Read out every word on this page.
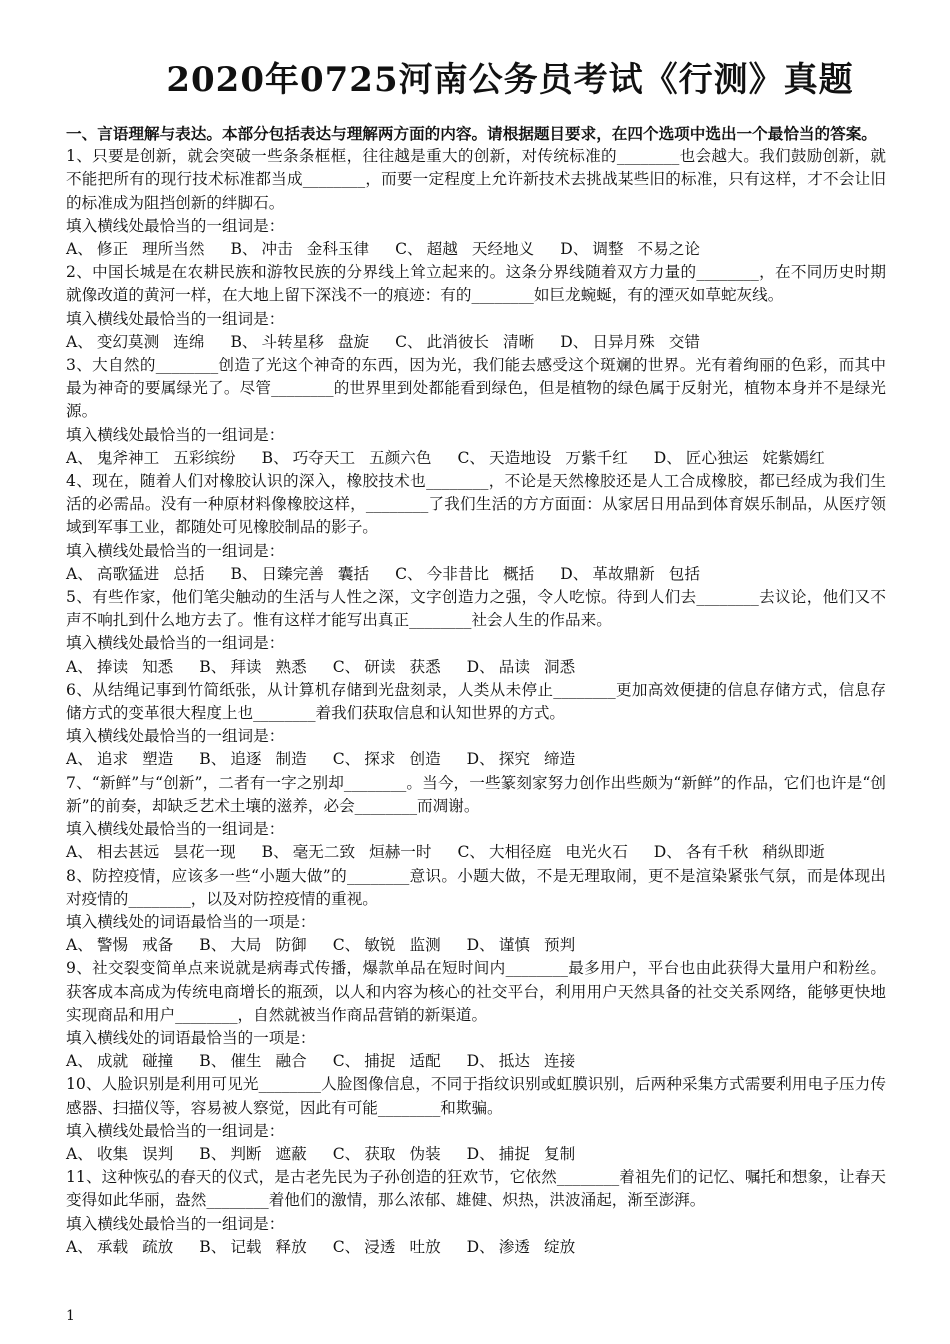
2020年0725河南公务员考试《行测》真题
一、言语理解与表达。本部分包括表达与理解两方面的内容。请根据题目要求，在四个选项中选出一个最恰当的答案。

1、只要是创新，就会突破一些条条框框，往往越是重大的创新，对传统标准的________也会越大。我们鼓励创新，就不能把所有的现行技术标准都当成________，而要一定程度上允许新技术去挑战某些旧的标准，只有这样，才不会让旧的标准成为阻挡创新的绊脚石。

填入横线处最恰当的一组词是：

A、 修正 理所当然 B、 冲击 金科玉律 C、 超越 天经地义 D、 调整 不易之论

2、中国长城是在农耕民族和游牧民族的分界线上耸立起来的。这条分界线随着双方力量的________，在不同历史时期就像改道的黄河一样，在大地上留下深浅不一的痕迹：有的________如巨龙蜿蜒，有的湮灭如草蛇灰线。

填入横线处最恰当的一组词是：

A、 变幻莫测 连绵 B、 斗转星移 盘旋 C、 此消彼长 清晰 D、 日异月殊 交错

3、大自然的________创造了光这个神奇的东西，因为光，我们能去感受这个斑斓的世界。光有着绚丽的色彩，而其中最为神奇的要属绿光了。尽管________的世界里到处都能看到绿色，但是植物的绿色属于反射光，植物本身并不是绿光源。

填入横线处最恰当的一组词是：

A、 鬼斧神工 五彩缤纷 B、 巧夺天工 五颜六色 C、 天造地设 万紫千红 D、 匠心独运 姹紫嫣红

4、现在，随着人们对橡胶认识的深入，橡胶技术也________，不论是天然橡胶还是人工合成橡胶，都已经成为我们生活的必需品。没有一种原材料像橡胶这样，________了我们生活的方方面面：从家居日用品到体育娱乐制品，从医疗领域到军事工业，都随处可见橡胶制品的影子。

填入横线处最恰当的一组词是：

A、 高歌猛进 总括 B、 日臻完善 囊括 C、 今非昔比 概括 D、 革故鼎新 包括

5、有些作家，他们笔尖触动的生活与人性之深，文字创造力之强，令人吃惊。待到人们去________去议论，他们又不声不响扎到什么地方去了。惟有这样才能写出真正________社会人生的作品来。

填入横线处最恰当的一组词是：

A、 捧读 知悉 B、 拜读 熟悉 C、 研读 获悉 D、 品读 洞悉

6、从结绳记事到竹简纸张，从计算机存储到光盘刻录，人类从未停止________更加高效便捷的信息存储方式，信息存储方式的变革很大程度上也________着我们获取信息和认知世界的方式。

填入横线处最恰当的一组词是：

A、 追求 塑造 B、 追逐 制造 C、 探求 创造 D、 探究 缔造

7、“新鲜”与“创新”，二者有一字之别却________。当今，一些篆刻家努力创作出些颇为“新鲜”的作品，它们也许是“创新”的前奏，却缺乏艺术土壤的滋养，必会________而凋谢。

填入横线处最恰当的一组词是：

A、 相去甚远 昙花一现 B、 毫无二致 烜赫一时 C、 大相径庭 电光火石 D、 各有千秋 稍纵即逝

8、防控疫情，应该多一些“小题大做”的________意识。小题大做，不是无理取闹，更不是渲染紧张气氛，而是体现出对疫情的________，以及对防控疫情的重视。

填入横线处的词语最恰当的一项是：

A、 警惕 戒备 B、 大局 防御 C、 敏锐 监测 D、 谨慎 预判

9、社交裂变简单点来说就是病毒式传播，爆款单品在短时间内________最多用户，平台也由此获得大量用户和粉丝。获客成本高成为传统电商增长的瓶颈，以人和内容为核心的社交平台，利用用户天然具备的社交关系网络，能够更快地实现商品和用户________，自然就被当作商品营销的新渠道。

填入横线处的词语最恰当的一项是：

A、 成就 碰撞 B、 催生 融合 C、 捕捉 适配 D、 抵达 连接

10、人脸识别是利用可见光________人脸图像信息，不同于指纹识别或虹膜识别，后两种采集方式需要利用电子压力传感器、扫描仪等，容易被人察觉，因此有可能________和欺骗。

填入横线处最恰当的一组词是：

A、 收集 误判 B、 判断 遮蔽 C、 获取 伪装 D、 捕捉 复制

11、这种恢弘的春天的仪式，是古老先民为子孙创造的狂欢节，它依然________着祖先们的记忆、嘱托和想象，让春天变得如此华丽，盎然________着他们的激情，那么浓郁、雄健、炽热，洪波涌起，渐至澎湃。

填入横线处最恰当的一组词是：

A、 承载 疏放 B、 记载 释放 C、 浸透 吐放 D、 渗透 绽放
1
